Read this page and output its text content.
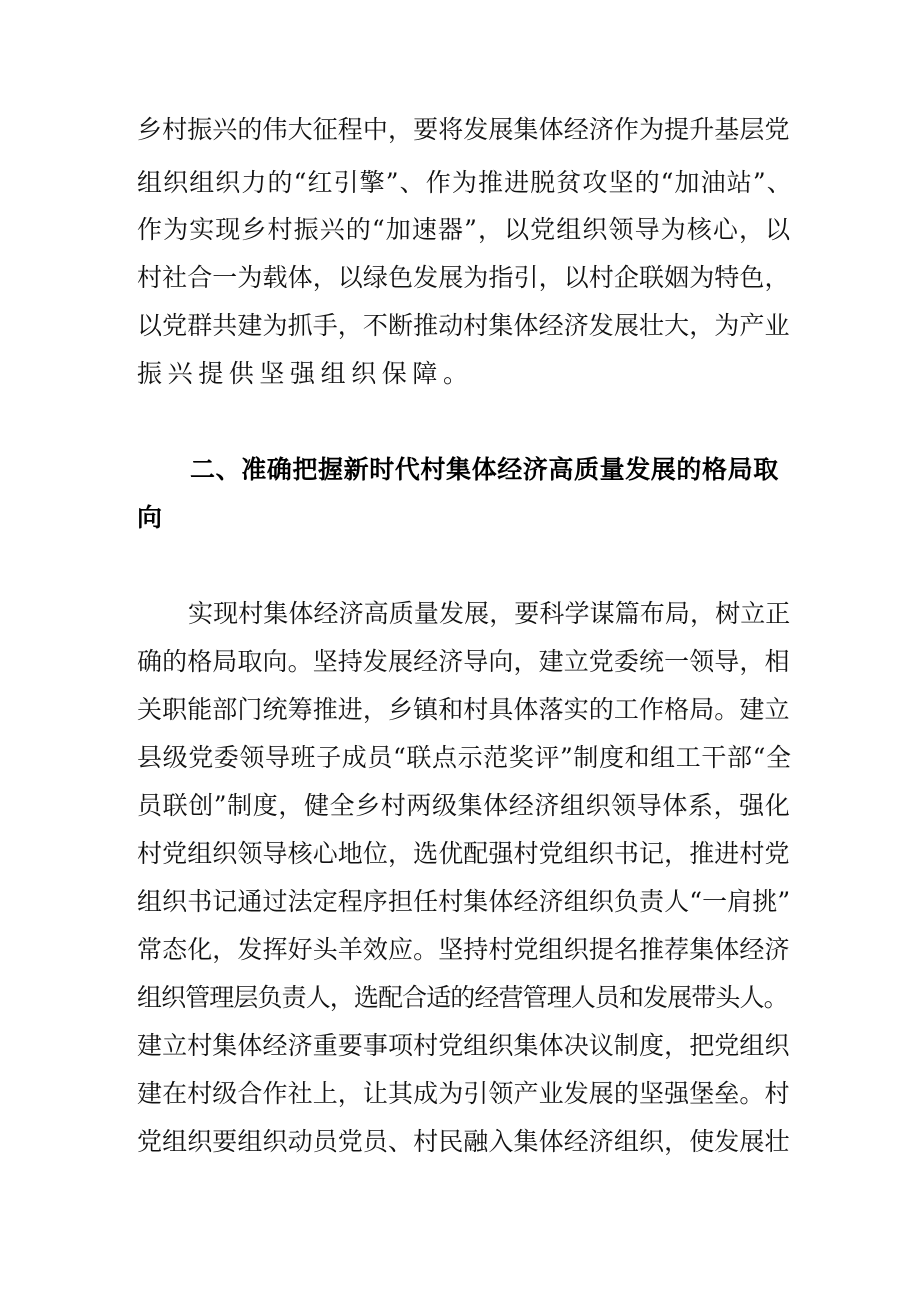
乡村振兴的伟大征程中，要将发展集体经济作为提升基层党
组织组织力的“红引擎”、作为推进脱贫攻坚的“加油站”、
作为实现乡村振兴的“加速器”，以党组织领导为核心，以
村社合一为载体，以绿色发展为指引，以村企联姻为特色，
以党群共建为抓手，不断推动村集体经济发展壮大，为产业
振兴提供坚强组织保障。
二、准确把握新时代村集体经济高质量发展的格局取
向
实现村集体经济高质量发展，要科学谋篇布局，树立正
确的格局取向。坚持发展经济导向，建立党委统一领导，相
关职能部门统筹推进，乡镇和村具体落实的工作格局。建立
县级党委领导班子成员“联点示范奖评”制度和组工干部“全
员联创”制度，健全乡村两级集体经济组织领导体系，强化
村党组织领导核心地位，选优配强村党组织书记，推进村党
组织书记通过法定程序担任村集体经济组织负责人“一肩挑”
常态化，发挥好头羊效应。坚持村党组织提名推荐集体经济
组织管理层负责人，选配合适的经营管理人员和发展带头人。
建立村集体经济重要事项村党组织集体决议制度，把党组织
建在村级合作社上，让其成为引领产业发展的坚强堡垒。村
党组织要组织动员党员、村民融入集体经济组织，使发展壮
